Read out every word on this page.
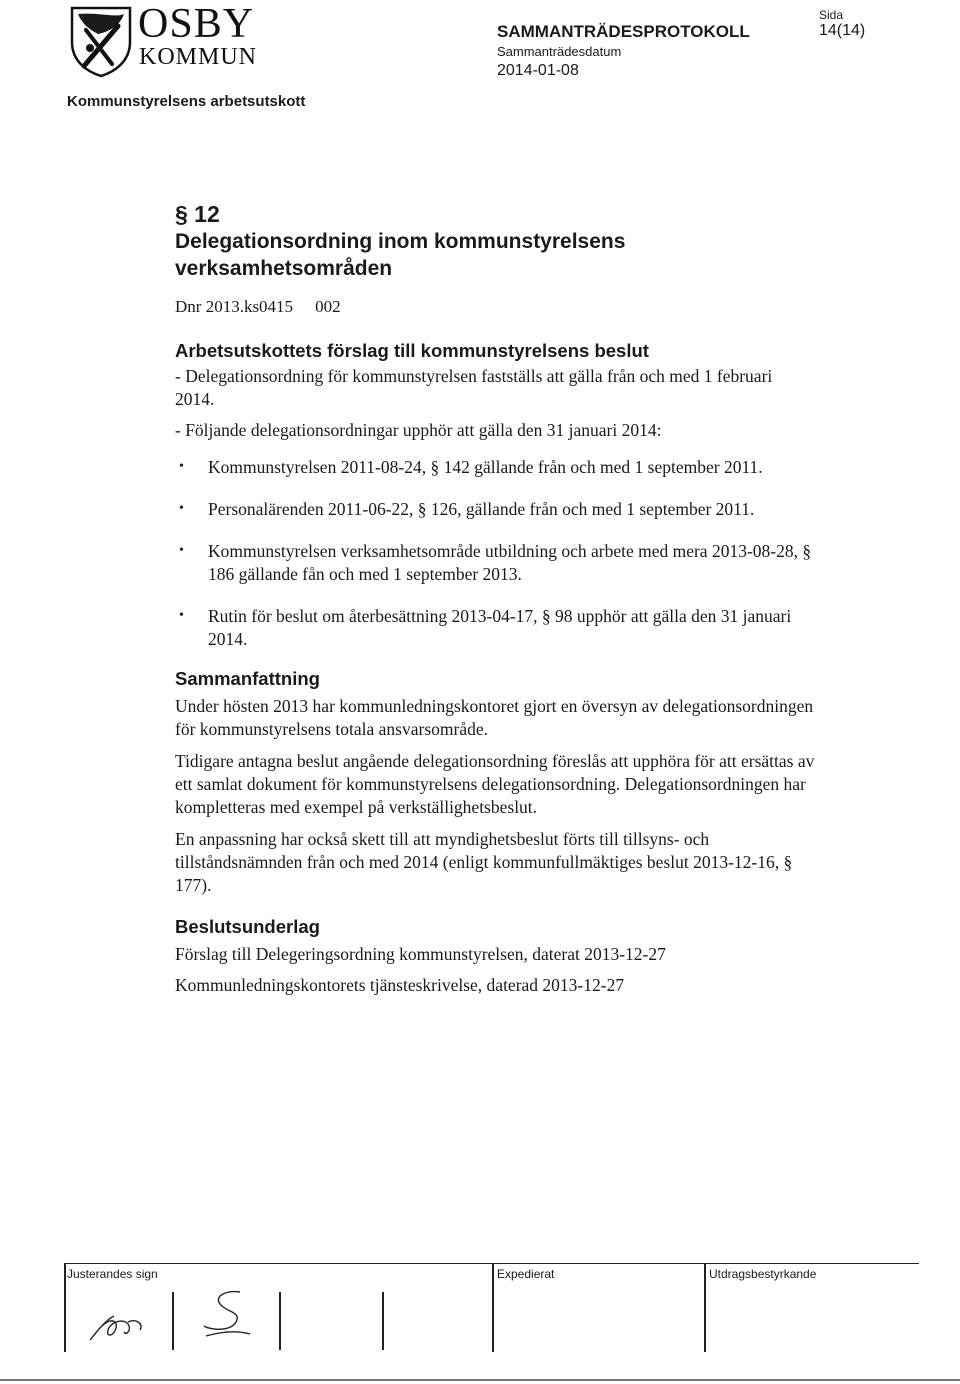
OSBY
KOMMUN
SAMMANTRÄDESPROTOKOLL
Sammanträdesdatum
2014-01-08
Sida
14(14)
Kommunstyrelsens arbetsutskott
§ 12
Delegationsordning inom kommunstyrelsens
verksamhetsområden
Dnr 2013.ks0415 002
Arbetsutskottets förslag till kommunstyrelsens beslut

- Delegationsordning för kommunstyrelsen fastställs att gälla från och med 1 februari 2014.

- Följande delegationsordningar upphör att gälla den 31 januari 2014:

• Kommunstyrelsen 2011-08-24, § 142 gällande från och med 1 september 2011.
• Personalärenden 2011-06-22, § 126, gällande från och med 1 september 2011.
• Kommunstyrelsen verksamhetsområde utbildning och arbete med mera 2013-08-28, § 186 gällande fån och med 1 september 2013.
• Rutin för beslut om återbesättning 2013-04-17, § 98 upphör att gälla den 31 januari 2014.
Sammanfattning

Under hösten 2013 har kommunledningskontoret gjort en översyn av delegationsordningen för kommunstyrelsens totala ansvarsområde.

Tidigare antagna beslut angående delegationsordning föreslås att upphöra för att ersättas av ett samlat dokument för kommunstyrelsens delegationsordning. Delegationsordningen har kompletteras med exempel på verkställighetsbeslut.

En anpassning har också skett till att myndighetsbeslut förts till tillsyns- och tillståndsnämnden från och med 2014 (enligt kommunfullmäktiges beslut 2013-12-16, § 177).

Beslutsunderlag

Förslag till Delegeringsordning kommunstyrelsen, daterat 2013-12-27

Kommunledningskontorets tjänsteskrivelse, daterad 2013-12-27

Justerandes sign	Expedierat	Utdragsbestyrkande
